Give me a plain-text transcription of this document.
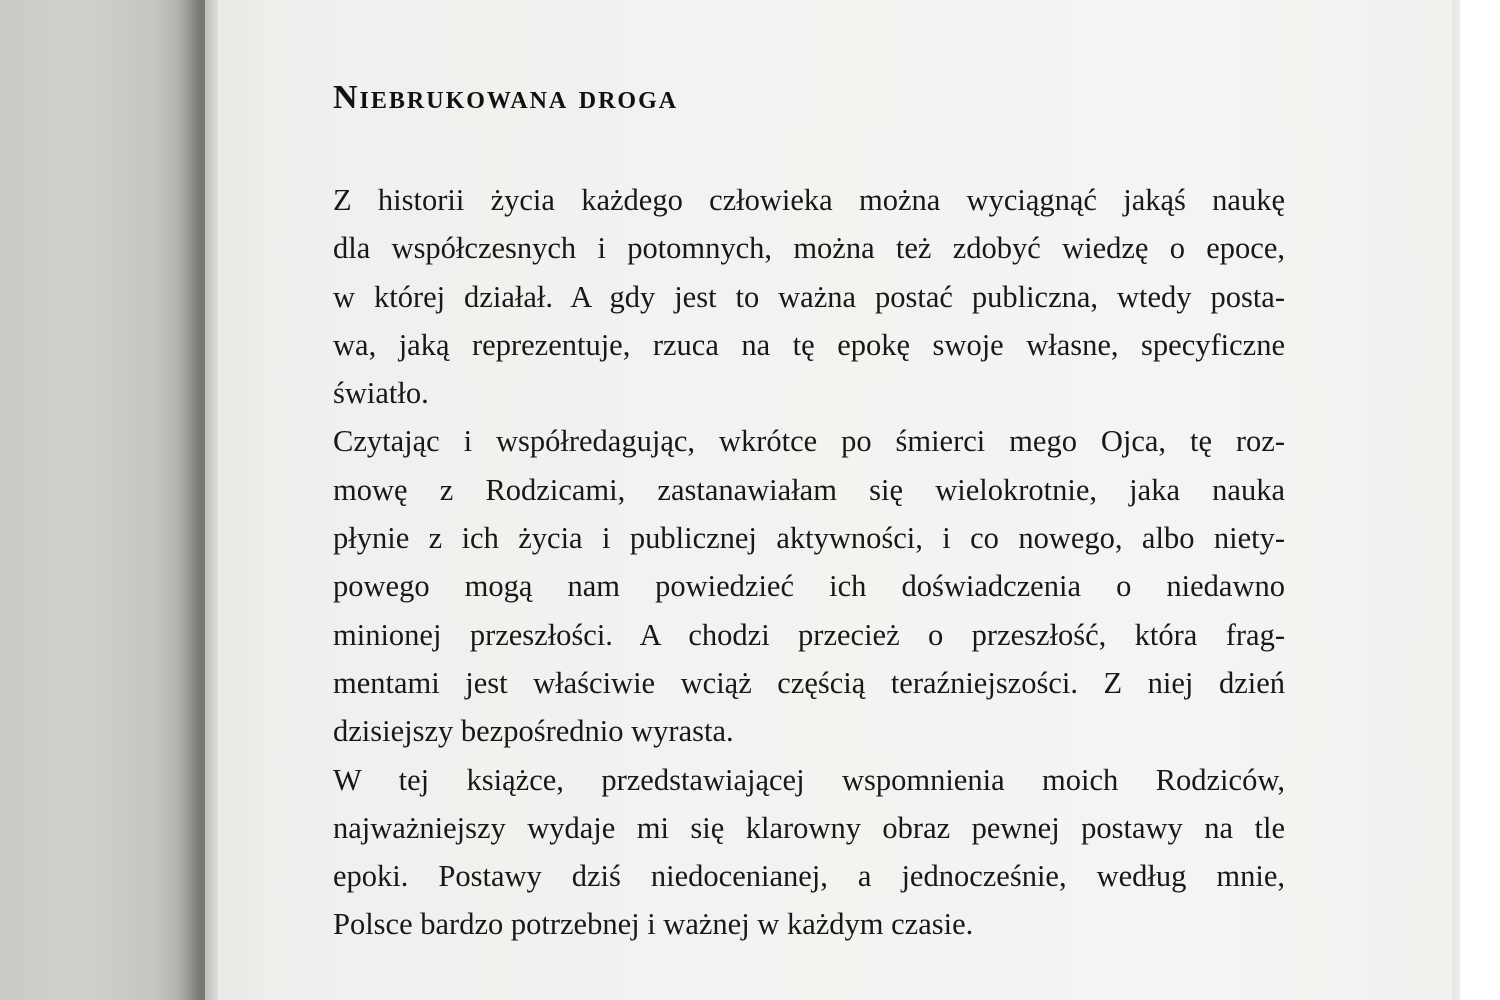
Niebrukowana droga

Z historii życia każdego człowieka można wyciągnąć jakąś naukę
dla współczesnych i potomnych, można też zdobyć wiedzę o epoce,
w której działał. A gdy jest to ważna postać publiczna, wtedy posta-
wa, jaką reprezentuje, rzuca na tę epokę swoje własne, specyficzne
światło.

Czytając i współredagując, wkrótce po śmierci mego Ojca, tę roz-
mowę z Rodzicami, zastanawiałam się wielokrotnie, jaka nauka
płynie z ich życia i publicznej aktywności, i co nowego, albo niety-
powego mogą nam powiedzieć ich doświadczenia o niedawno
minionej przeszłości. A chodzi przecież o przeszłość, która frag-
mentami jest właściwie wciąż częścią teraźniejszości. Z niej dzień
dzisiejszy bezpośrednio wyrasta.

W tej książce, przedstawiającej wspomnienia moich Rodziców,
najważniejszy wydaje mi się klarowny obraz pewnej postawy na tle
epoki. Postawy dziś niedocenianej, a jednocześnie, według mnie,
Polsce bardzo potrzebnej i ważnej w każdym czasie.
